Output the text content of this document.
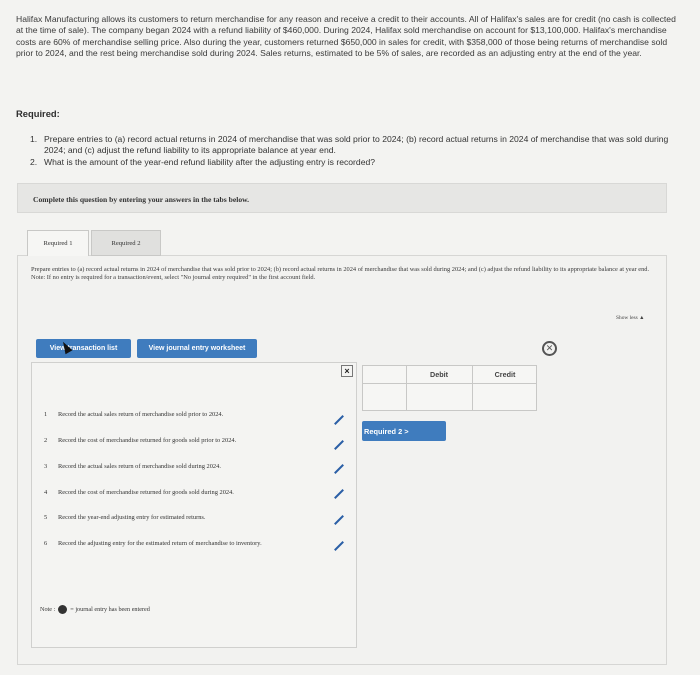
Halifax Manufacturing allows its customers to return merchandise for any reason and receive a credit to their accounts. All of Halifax's sales are for credit (no cash is collected at the time of sale). The company began 2024 with a refund liability of $460,000. During 2024, Halifax sold merchandise on account for $13,100,000. Halifax's merchandise costs are 60% of merchandise selling price. Also during the year, customers returned $650,000 in sales for credit, with $358,000 of those being returns of merchandise sold prior to 2024, and the rest being merchandise sold during 2024. Sales returns, estimated to be 5% of sales, are recorded as an adjusting entry at the end of the year.
Required:
1. Prepare entries to (a) record actual returns in 2024 of merchandise that was sold prior to 2024; (b) record actual returns in 2024 of merchandise that was sold during 2024; and (c) adjust the refund liability to its appropriate balance at year end.
2. What is the amount of the year-end refund liability after the adjusting entry is recorded?
Complete this question by entering your answers in the tabs below.
Required 1	Required 2
Prepare entries to (a) record actual returns in 2024 of merchandise that was sold prior to 2024; (b) record actual returns in 2024 of merchandise that was sold during 2024; and (c) adjust the refund liability to its appropriate balance at year end.
Note: If no entry is required for a transaction/event, select "No journal entry required" in the first account field.
Show less ▲
View transaction list	View journal entry worksheet	✕
×
1	Record the actual sales return of merchandise sold prior to 2024.
2	Record the cost of merchandise returned for goods sold prior to 2024.
3	Record the actual sales return of merchandise sold during 2024.
4	Record the cost of merchandise returned for goods sold during 2024.
5	Record the year-end adjusting entry for estimated returns.
6	Record the adjusting entry for the estimated return of merchandise to inventory.
Note : = journal entry has been entered
Debit	Credit
Required 2 >
